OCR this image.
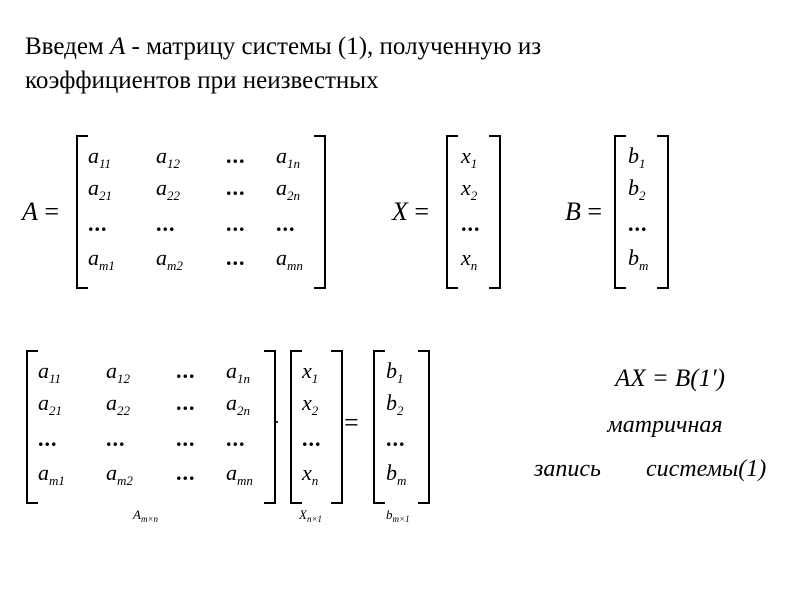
Введем A - матрицу системы (1), полученную из
коэффициентов при неизвестных
A =
$a_{11}$ $a_{12}$ ... $a_{1n}$
$a_{21}$ $a_{22}$ ... $a_{2n}$
... ... ... ...
$a_{m1}$ $a_{m2}$ ... $a_{mn}$
X =
$x_1$
$x_2$
...
$x_n$
B =
$b_1$
$b_2$
...
$b_m$
$a_{11}$ $a_{12}$ ... $a_{1n}$
$a_{21}$ $a_{22}$ ... $a_{2n}$
... ... ... ...
$a_{m1}$ $a_{m2}$ ... $a_{mn}$
·
$x_1$
$x_2$
...
$x_n$
=
$b_1$
$b_2$
...
$b_m$
$A_{m\times n}$	$X_{n\times 1}$	$b_{m\times 1}$
AX = B(1′)
матричная
запись системы(1)
